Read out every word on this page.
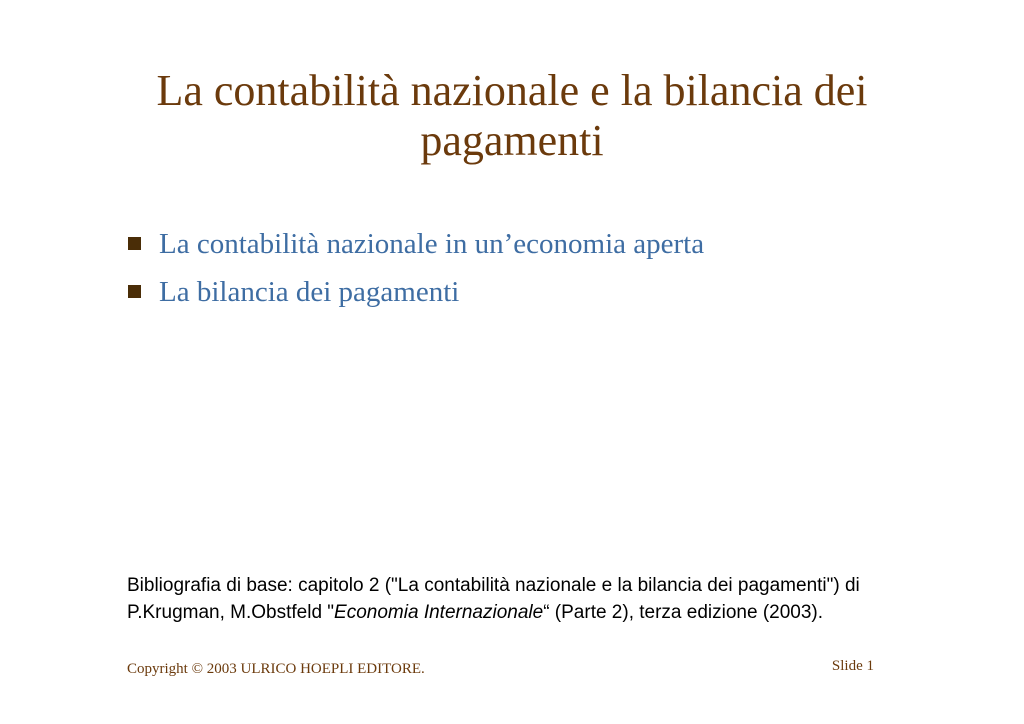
La contabilità nazionale e la bilancia dei
pagamenti
La contabilità nazionale in un’economia aperta
La bilancia dei pagamenti
Bibliografia di base: capitolo 2 ("La contabilità nazionale e la bilancia dei pagamenti") di P.Krugman, M.Obstfeld "Economia Internazionale“ (Parte 2), terza edizione (2003).
Copyright © 2003 ULRICO HOEPLI EDITORE.	Slide 1
